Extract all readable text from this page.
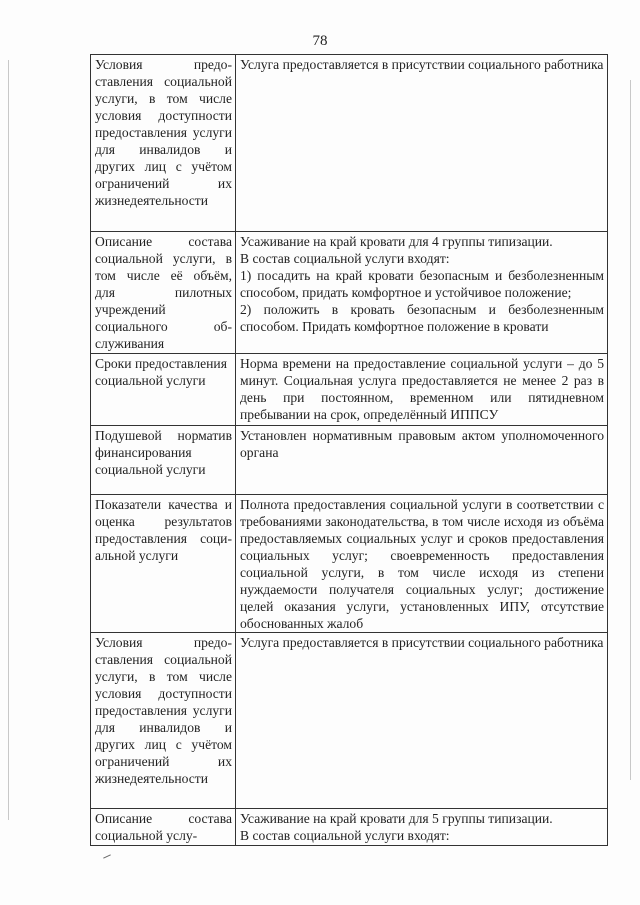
78
Условия предоставления социальной услуги, в том числе условия доступности предоставления услуги для инвалидов и других лиц с учётом ограничений их жизнедеятельности	Услуга предоставляется в присутствии социального работника
Описание состава социальной услуги, в том числе её объём, для пилотных учреждений социального обслуживания	Усаживание на край кровати для 4 группы типизации.
В состав социальной услуги входят:
1) посадить на край кровати безопасным и безболезненным способом, придать комфортное и устойчивое положение;
2) положить в кровать безопасным и безболезненным способом. Придать комфортное положение в кровати
Сроки предоставления социальной услуги	Норма времени на предоставление социальной услуги – до 5 минут. Социальная услуга предоставляется не менее 2 раз в день при постоянном, временном или пятидневном пребывании на срок, определённый ИППСУ
Подушевой норматив финансирования социальной услуги	Установлен нормативным правовым актом уполномоченного органа
Показатели качества и оценка результатов предоставления социальной услуги	Полнота предоставления социальной услуги в соответствии с требованиями законодательства, в том числе исходя из объёма предоставляемых социальных услуг и сроков предоставления социальных услуг; своевременность предоставления социальной услуги, в том числе исходя из степени нуждаемости получателя социальных услуг; достижение целей оказания услуги, установленных ИПУ, отсутствие обоснованных жалоб
Условия предоставления социальной услуги, в том числе условия доступности предоставления услуги для инвалидов и других лиц с учётом ограничений их жизнедеятельности	Услуга предоставляется в присутствии социального работника
Описание состава социальной услу-	Усаживание на край кровати для 5 группы типизации.
В состав социальной услуги входят:
